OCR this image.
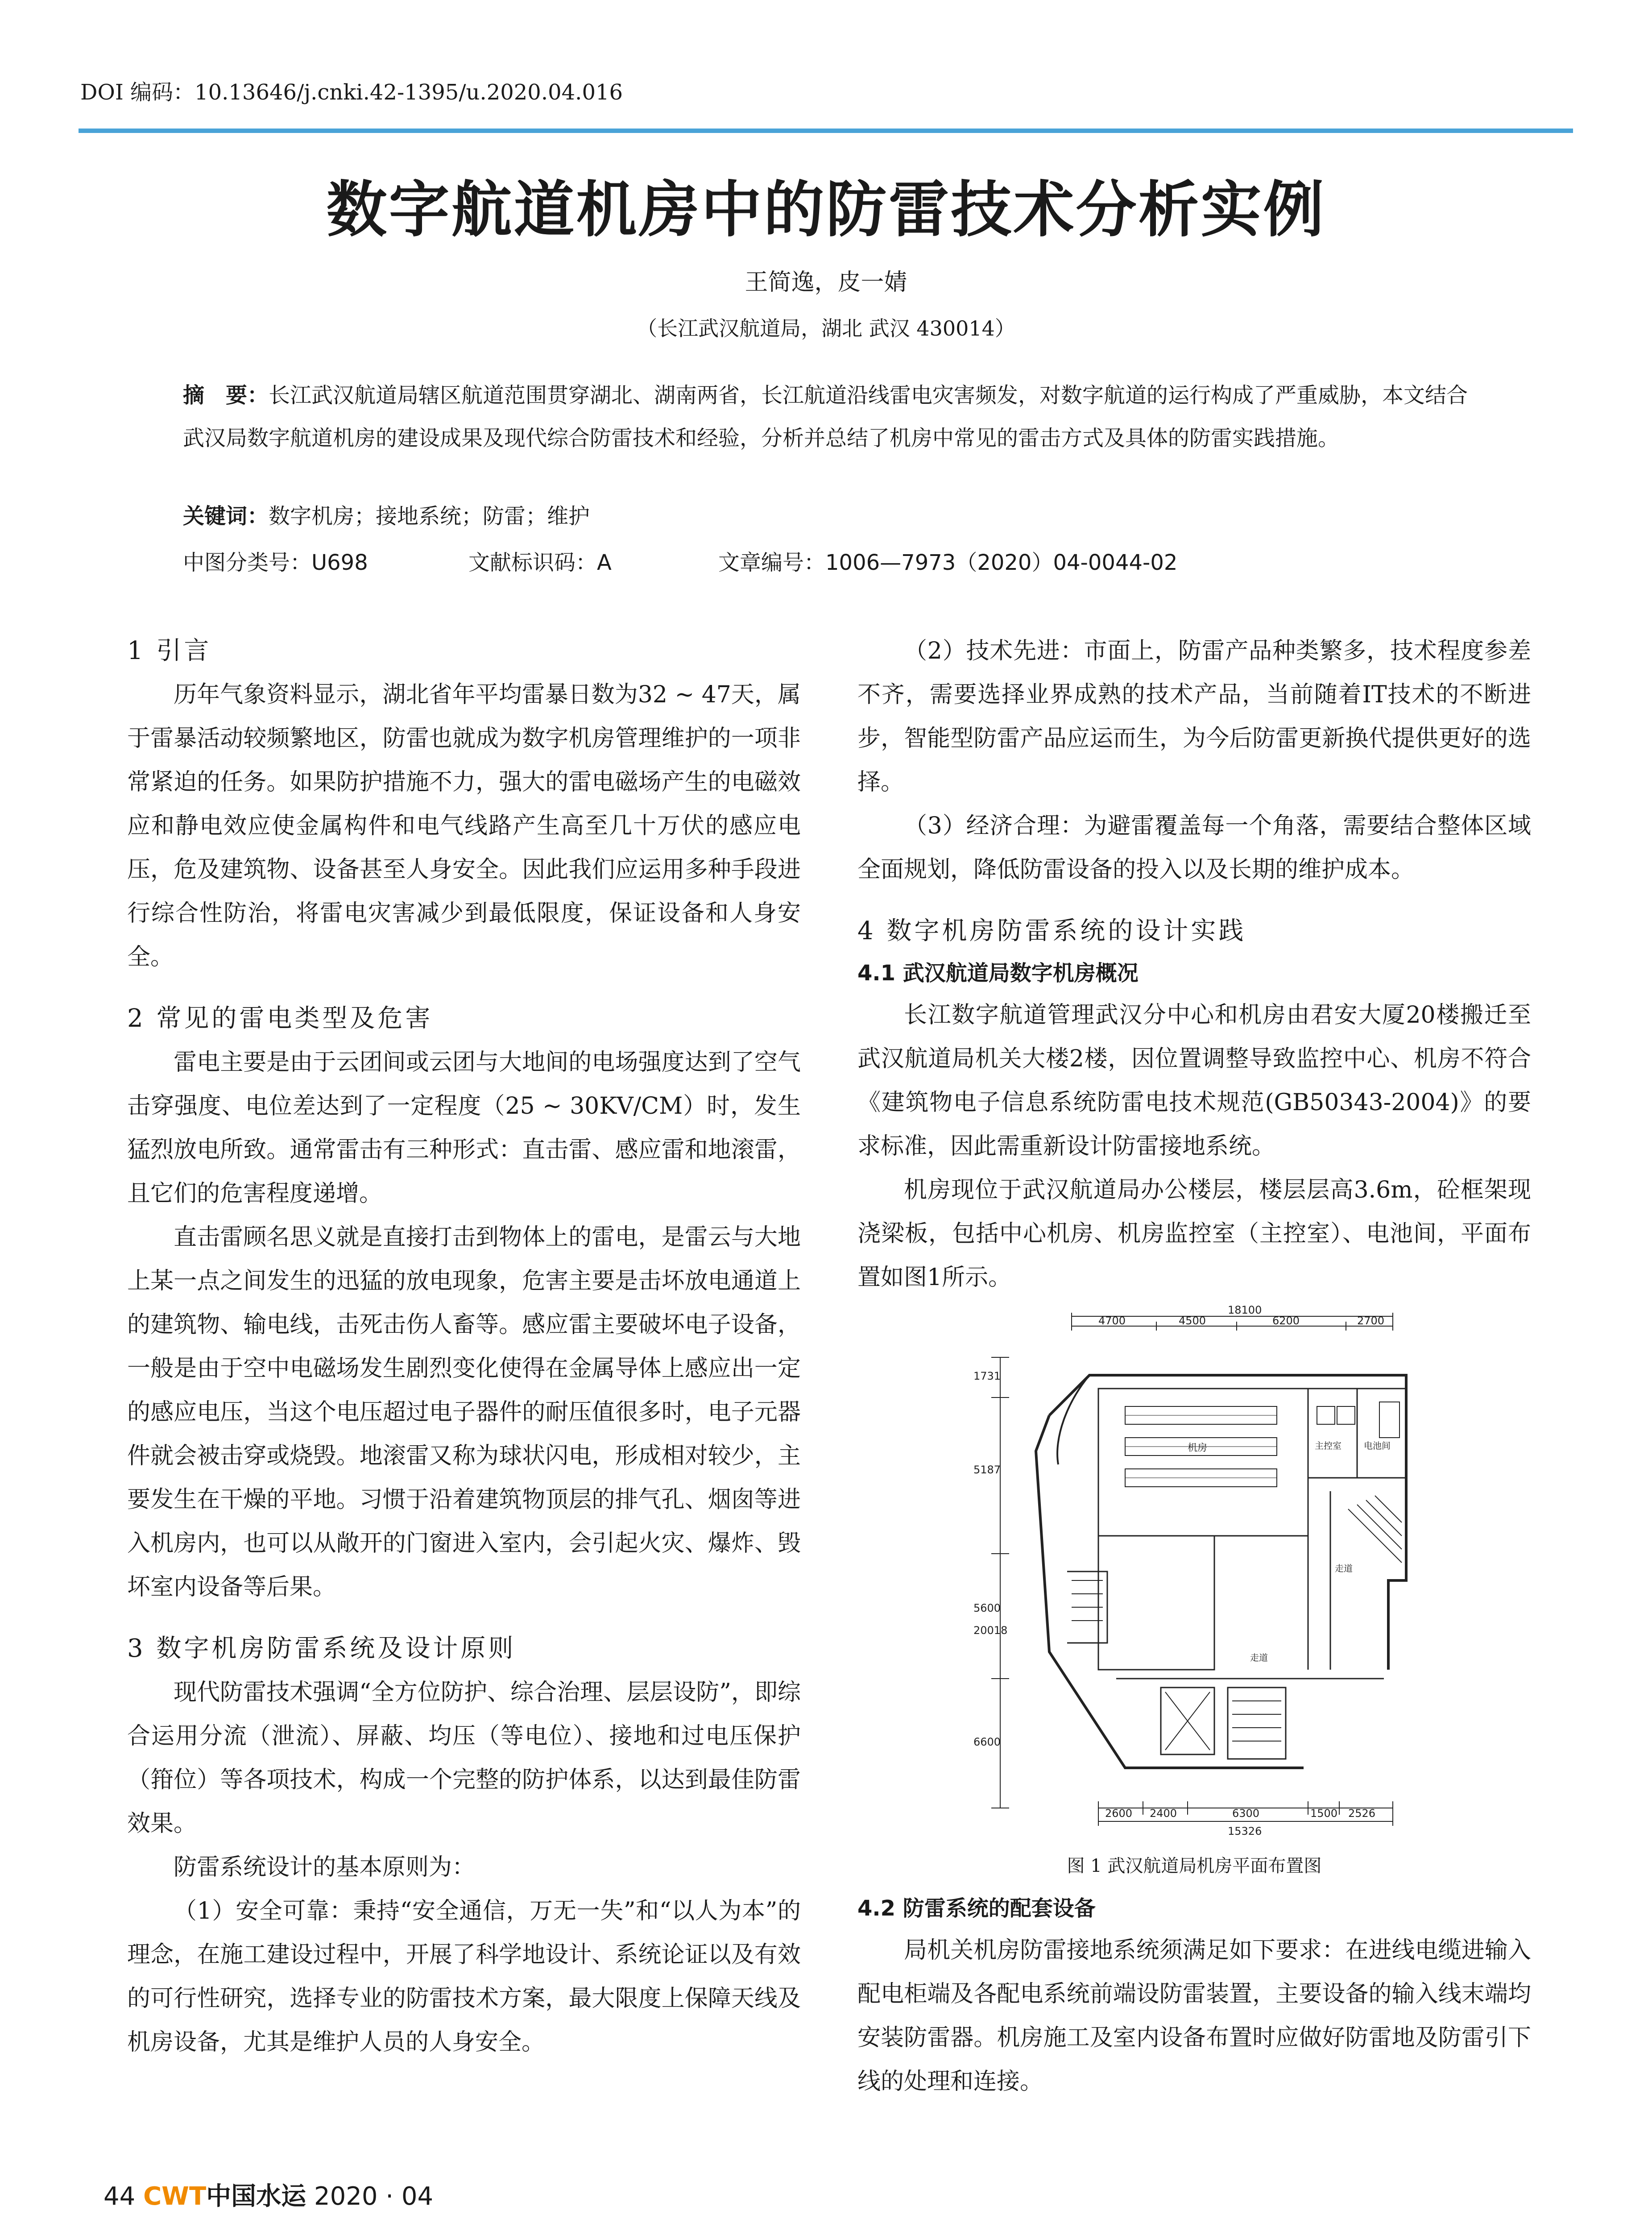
DOI 编码：10.13646/j.cnki.42-1395/u.2020.04.016
数字航道机房中的防雷技术分析实例
王简逸，皮一婧
（长江武汉航道局，湖北 武汉 430014）
摘　要：长江武汉航道局辖区航道范围贯穿湖北、湖南两省，长江航道沿线雷电灾害频发，对数字航道的运行构成了严重威胁，本文结合武汉局数字航道机房的建设成果及现代综合防雷技术和经验，分析并总结了机房中常见的雷击方式及具体的防雷实践措施。
关键词：数字机房；接地系统；防雷；维护
中图分类号：U698	文献标识码：A	文章编号：1006—7973（2020）04-0044-02
1 引言

历年气象资料显示，湖北省年平均雷暴日数为32 ~ 47天，属于雷暴活动较频繁地区，防雷也就成为数字机房管理维护的一项非常紧迫的任务。如果防护措施不力，强大的雷电磁场产生的电磁效应和静电效应使金属构件和电气线路产生高至几十万伏的感应电压，危及建筑物、设备甚至人身安全。因此我们应运用多种手段进行综合性防治，将雷电灾害减少到最低限度，保证设备和人身安全。

2 常见的雷电类型及危害

雷电主要是由于云团间或云团与大地间的电场强度达到了空气击穿强度、电位差达到了一定程度（25 ~ 30KV/CM）时，发生猛烈放电所致。通常雷击有三种形式：直击雷、感应雷和地滚雷，且它们的危害程度递增。

直击雷顾名思义就是直接打击到物体上的雷电，是雷云与大地上某一点之间发生的迅猛的放电现象，危害主要是击坏放电通道上的建筑物、输电线，击死击伤人畜等。感应雷主要破坏电子设备，一般是由于空中电磁场发生剧烈变化使得在金属导体上感应出一定的感应电压，当这个电压超过电子器件的耐压值很多时，电子元器件就会被击穿或烧毁。地滚雷又称为球状闪电，形成相对较少，主要发生在干燥的平地。习惯于沿着建筑物顶层的排气孔、烟囱等进入机房内，也可以从敞开的门窗进入室内，会引起火灾、爆炸、毁坏室内设备等后果。

3 数字机房防雷系统及设计原则

现代防雷技术强调“全方位防护、综合治理、层层设防”，即综合运用分流（泄流）、屏蔽、均压（等电位）、接地和过电压保护（箝位）等各项技术，构成一个完整的防护体系，以达到最佳防雷效果。

防雷系统设计的基本原则为：

（1）安全可靠：秉持“安全通信，万无一失”和“以人为本”的理念，在施工建设过程中，开展了科学地设计、系统论证以及有效的可行性研究，选择专业的防雷技术方案，最大限度上保障天线及机房设备，尤其是维护人员的人身安全。

（2）技术先进：市面上，防雷产品种类繁多，技术程度参差不齐，需要选择业界成熟的技术产品，当前随着IT技术的不断进步，智能型防雷产品应运而生，为今后防雷更新换代提供更好的选择。

（3）经济合理：为避雷覆盖每一个角落，需要结合整体区域全面规划，降低防雷设备的投入以及长期的维护成本。

4 数字机房防雷系统的设计实践
4.1 武汉航道局数字机房概况

长江数字航道管理武汉分中心和机房由君安大厦20楼搬迁至武汉航道局机关大楼2楼，因位置调整导致监控中心、机房不符合《建筑物电子信息系统防雷电技术规范(GB50343-2004)》的要求标准，因此需重新设计防雷接地系统。

机房现位于武汉航道局办公楼层，楼层层高3.6m，砼框架现浇梁板，包括中心机房、机房监控室（主控室）、电池间，平面布置如图1所示。

18100
4700	4500	6200	2700
机房	主控室	电池间
走道
走道
1731
5187
5600
20018
6600
2600 2400	6300	1500 2526
15326
图 1 武汉航道局机房平面布置图
4.2 防雷系统的配套设备

局机关机房防雷接地系统须满足如下要求：在进线电缆进输入配电柜端及各配电系统前端设防雷装置，主要设备的输入线末端均安装防雷器。机房施工及室内设备布置时应做好防雷地及防雷引下线的处理和连接。

44 CWT中国水运 2020 · 04
